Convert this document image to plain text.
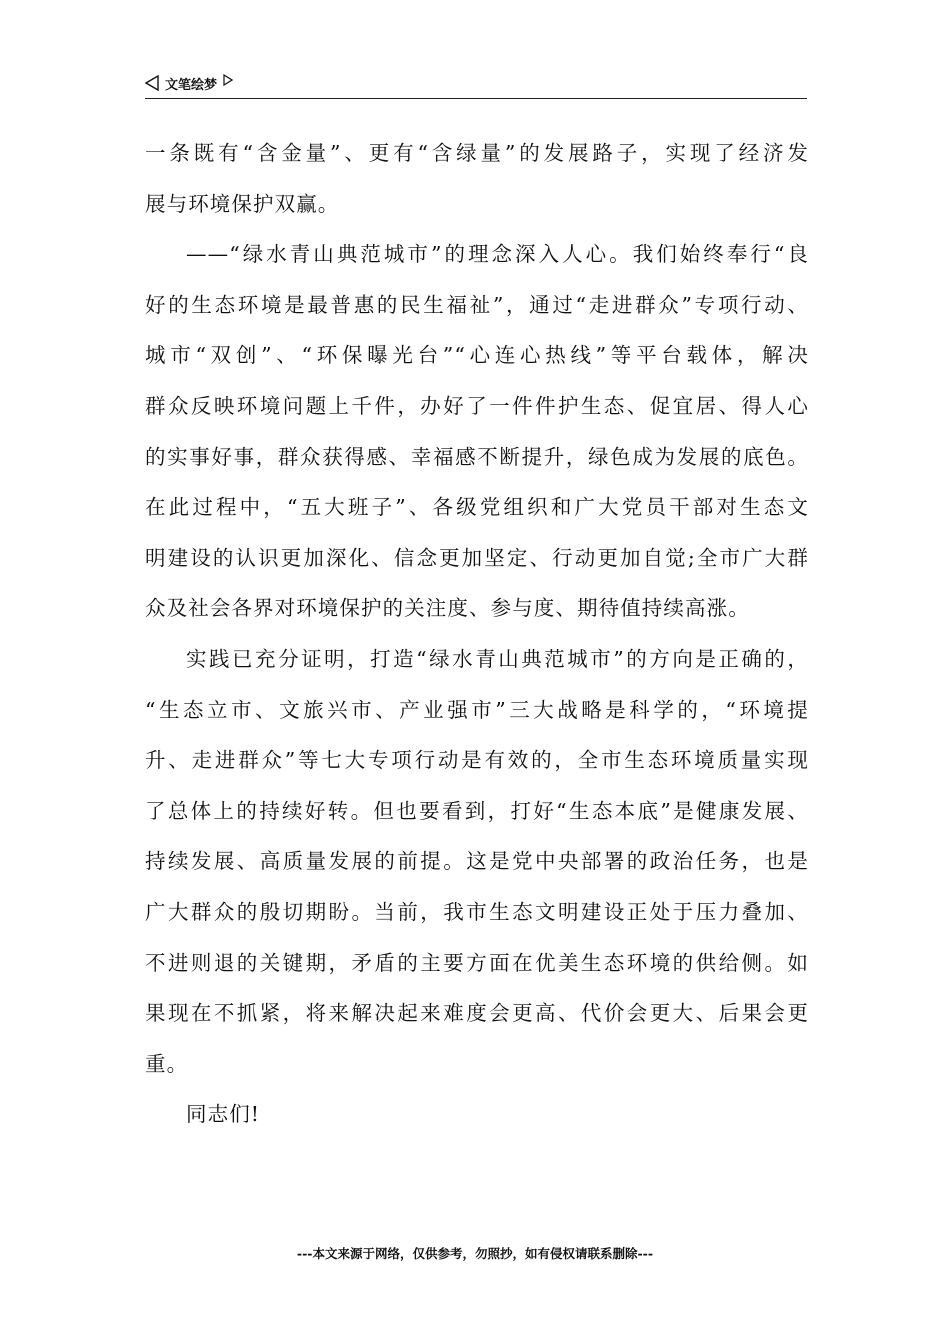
文笔绘梦
一条既有“含金量”、更有“含绿量”的发展路子，实现了经济发
展与环境保护双赢。
——“绿水青山典范城市”的理念深入人心。我们始终奉行“良
好的生态环境是最普惠的民生福祉”，通过“走进群众”专项行动、
城市“双创”、“环保曝光台”“心连心热线”等平台载体，解决
群众反映环境问题上千件，办好了一件件护生态、促宜居、得人心
的实事好事，群众获得感、幸福感不断提升，绿色成为发展的底色。
在此过程中，“五大班子”、各级党组织和广大党员干部对生态文
明建设的认识更加深化、信念更加坚定、行动更加自觉;全市广大群
众及社会各界对环境保护的关注度、参与度、期待值持续高涨。
实践已充分证明，打造“绿水青山典范城市”的方向是正确的，
“生态立市、文旅兴市、产业强市”三大战略是科学的，“环境提
升、走进群众”等七大专项行动是有效的，全市生态环境质量实现
了总体上的持续好转。但也要看到，打好“生态本底”是健康发展、
持续发展、高质量发展的前提。这是党中央部署的政治任务，也是
广大群众的殷切期盼。当前，我市生态文明建设正处于压力叠加、
不进则退的关键期，矛盾的主要方面在优美生态环境的供给侧。如
果现在不抓紧，将来解决起来难度会更高、代价会更大、后果会更
重。
同志们!
---本文来源于网络，仅供参考，勿照抄，如有侵权请联系删除---
